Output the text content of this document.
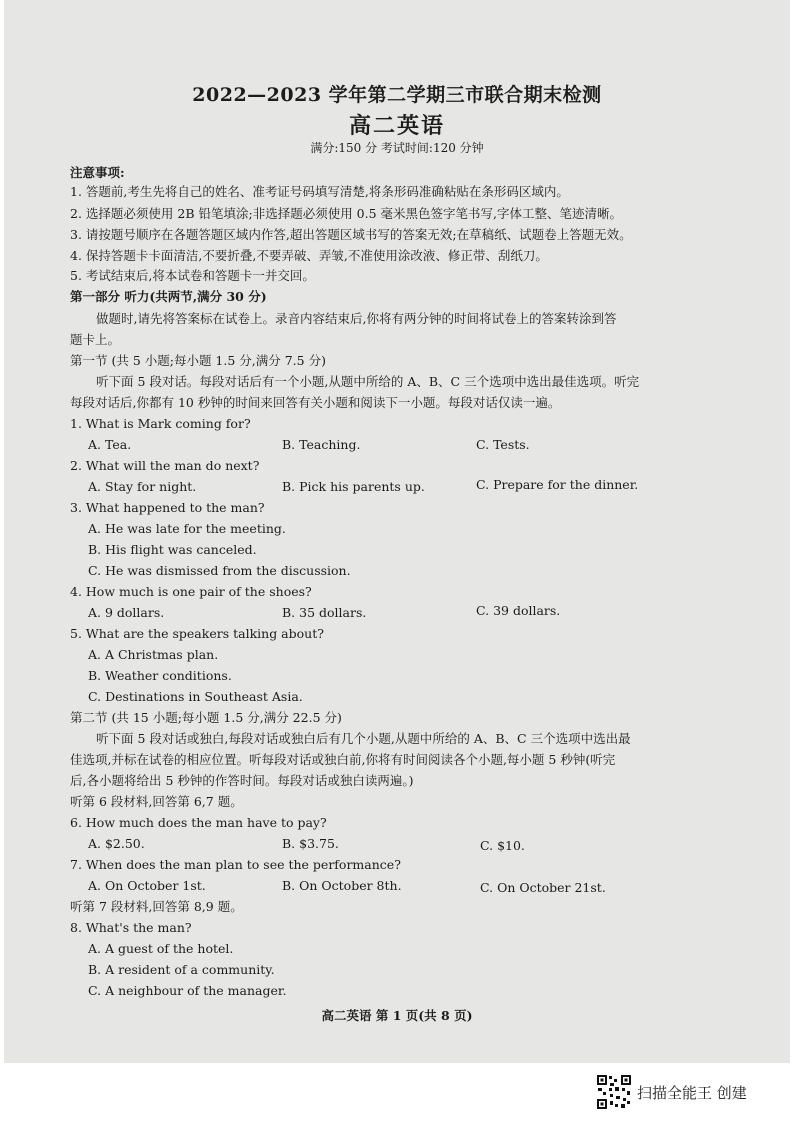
2022—2023 学年第二学期三市联合期末检测
高二英语
满分:150 分 考试时间:120 分钟
注意事项:
1. 答题前,考生先将自己的姓名、准考证号码填写清楚,将条形码准确粘贴在条形码区域内。
2. 选择题必须使用 2B 铅笔填涂;非选择题必须使用 0.5 毫米黑色签字笔书写,字体工整、笔迹清晰。
3. 请按题号顺序在各题答题区域内作答,超出答题区域书写的答案无效;在草稿纸、试题卷上答题无效。
4. 保持答题卡卡面清洁,不要折叠,不要弄破、弄皱,不准使用涂改液、修正带、刮纸刀。
5. 考试结束后,将本试卷和答题卡一并交回。
第一部分 听力(共两节,满分 30 分)
做题时,请先将答案标在试卷上。录音内容结束后,你将有两分钟的时间将试卷上的答案转涂到答
题卡上。
第一节 (共 5 小题;每小题 1.5 分,满分 7.5 分)
听下面 5 段对话。每段对话后有一个小题,从题中所给的 A、B、C 三个选项中选出最佳选项。听完
每段对话后,你都有 10 秒钟的时间来回答有关小题和阅读下一小题。每段对话仅读一遍。
1. What is Mark coming for?
A. Tea.	B. Teaching.	C. Tests.
2. What will the man do next?
A. Stay for night.	B. Pick his parents up.	C. Prepare for the dinner.
3. What happened to the man?
A. He was late for the meeting.
B. His flight was canceled.
C. He was dismissed from the discussion.
4. How much is one pair of the shoes?
A. 9 dollars.	B. 35 dollars.	C. 39 dollars.
5. What are the speakers talking about?
A. A Christmas plan.
B. Weather conditions.
C. Destinations in Southeast Asia.
第二节 (共 15 小题;每小题 1.5 分,满分 22.5 分)
听下面 5 段对话或独白,每段对话或独白后有几个小题,从题中所给的 A、B、C 三个选项中选出最
佳选项,并标在试卷的相应位置。听每段对话或独白前,你将有时间阅读各个小题,每小题 5 秒钟(听完
后,各小题将给出 5 秒钟的作答时间。每段对话或独白读两遍。)
听第 6 段材料,回答第 6,7 题。
6. How much does the man have to pay?
A. $2.50.	B. $3.75.	C. $10.
7. When does the man plan to see the performance?
A. On October 1st.	B. On October 8th.	C. On October 21st.
听第 7 段材料,回答第 8,9 题。
8. What's the man?
A. A guest of the hotel.
B. A resident of a community.
C. A neighbour of the manager.
高二英语 第 1 页(共 8 页)
扫描全能王 创建
